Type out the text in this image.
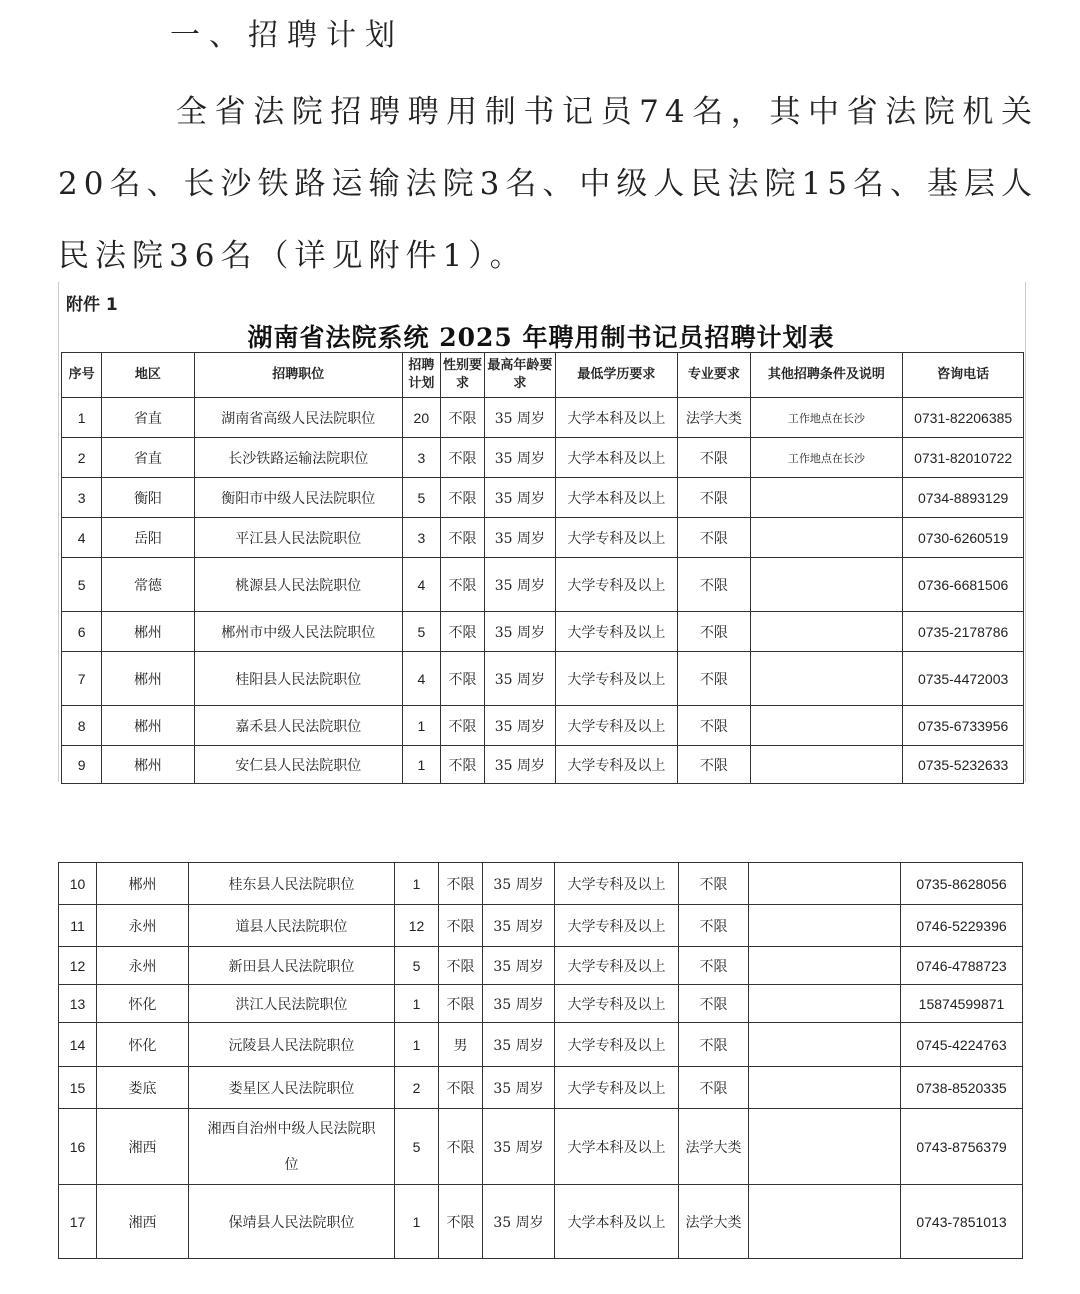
一、招聘计划
全省法院招聘聘用制书记员74名，其中省法院机关20名、长沙铁路运输法院3名、中级人民法院15名、基层人民法院36名（详见附件1）。
附件 1
湖南省法院系统 2025 年聘用制书记员招聘计划表
序号	地区	招聘职位	招聘计划	性别要求	最高年龄要求	最低学历要求	专业要求	其他招聘条件及说明	咨询电话
1	省直	湖南省高级人民法院职位	20	不限	35 周岁	大学本科及以上	法学大类	工作地点在长沙	0731-82206385
2	省直	长沙铁路运输法院职位	3	不限	35 周岁	大学本科及以上	不限	工作地点在长沙	0731-82010722
3	衡阳	衡阳市中级人民法院职位	5	不限	35 周岁	大学本科及以上	不限		0734-8893129
4	岳阳	平江县人民法院职位	3	不限	35 周岁	大学专科及以上	不限		0730-6260519
5	常德	桃源县人民法院职位	4	不限	35 周岁	大学专科及以上	不限		0736-6681506
6	郴州	郴州市中级人民法院职位	5	不限	35 周岁	大学专科及以上	不限		0735-2178786
7	郴州	桂阳县人民法院职位	4	不限	35 周岁	大学专科及以上	不限		0735-4472003
8	郴州	嘉禾县人民法院职位	1	不限	35 周岁	大学专科及以上	不限		0735-6733956
9	郴州	安仁县人民法院职位	1	不限	35 周岁	大学专科及以上	不限		0735-5232633
10	郴州	桂东县人民法院职位	1	不限	35 周岁	大学专科及以上	不限		0735-8628056
11	永州	道县人民法院职位	12	不限	35 周岁	大学专科及以上	不限		0746-5229396
12	永州	新田县人民法院职位	5	不限	35 周岁	大学专科及以上	不限		0746-4788723
13	怀化	洪江人民法院职位	1	不限	35 周岁	大学专科及以上	不限		15874599871
14	怀化	沅陵县人民法院职位	1	男	35 周岁	大学专科及以上	不限		0745-4224763
15	娄底	娄星区人民法院职位	2	不限	35 周岁	大学专科及以上	不限		0738-8520335
16	湘西	湘西自治州中级人民法院职位	5	不限	35 周岁	大学本科及以上	法学大类		0743-8756379
17	湘西	保靖县人民法院职位	1	不限	35 周岁	大学本科及以上	法学大类		0743-7851013
